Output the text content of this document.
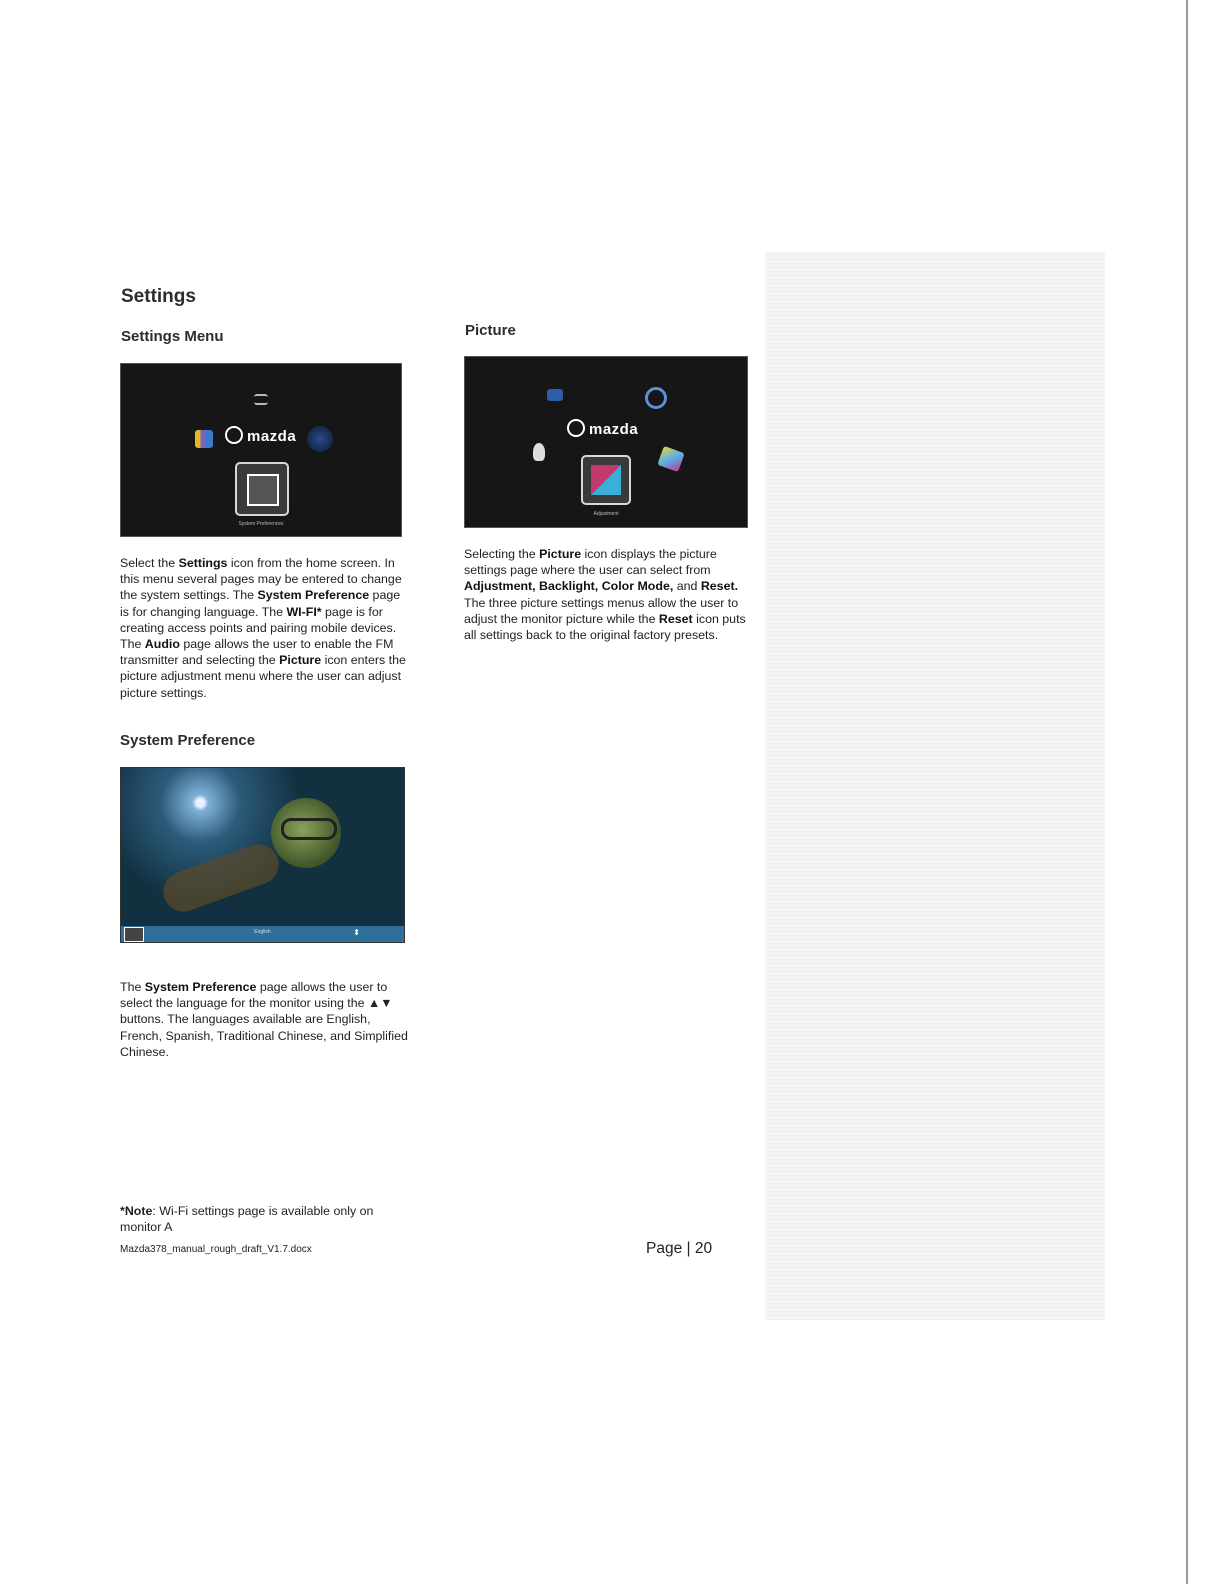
Settings
Settings Menu
mazda
System Preferences
Select the Settings icon from the home screen. In this menu several pages may be entered to change the system settings. The System Preference page is for changing language. The WI-FI* page is for creating access points and pairing mobile devices. The Audio page allows the user to enable the FM transmitter and selecting the Picture icon enters the picture adjustment menu where the user can adjust picture settings.
System Preference
English	⬍
The System Preference page allows the user to select the language for the monitor using the ▲▼ buttons. The languages available are English, French, Spanish, Traditional Chinese, and Simplified Chinese.
Picture
mazda
Adjustment
Selecting the Picture icon displays the picture settings page where the user can select from Adjustment, Backlight, Color Mode, and Reset. The three picture settings menus allow the user to adjust the monitor picture while the Reset icon puts all settings back to the original factory presets.
*Note: Wi-Fi settings page is available only on monitor A
Mazda378_manual_rough_draft_V1.7.docx	Page | 20
